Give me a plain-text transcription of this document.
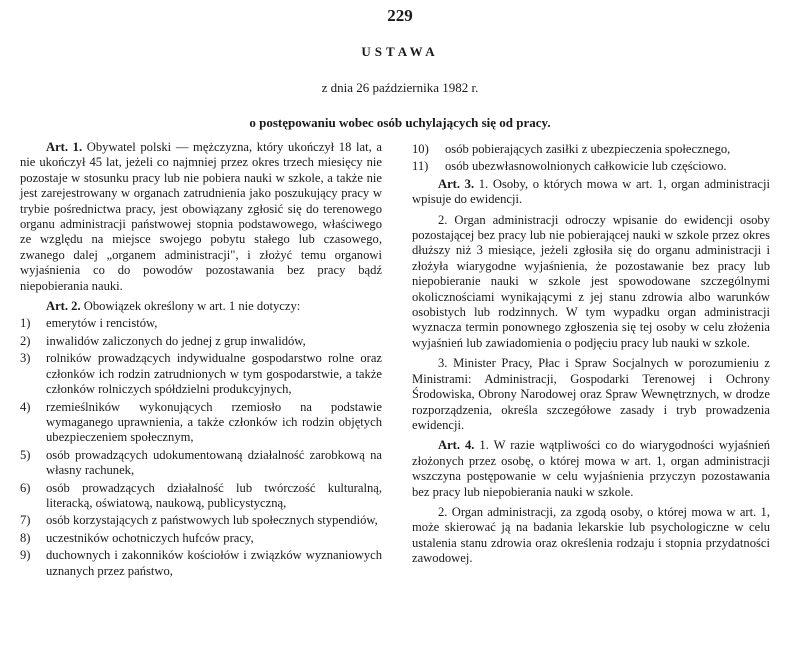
229
USTAWA
z dnia 26 października 1982 r.
o postępowaniu wobec osób uchylających się od pracy.

Art. 1. Obywatel polski — mężczyzna, który ukończył 18 lat, a nie ukończył 45 lat, jeżeli co najmniej przez okres trzech miesięcy nie pozostaje w stosunku pracy lub nie pobiera nauki w szkole, a także nie jest zarejestrowany w organach zatrudnienia jako poszukujący pracy w trybie pośrednictwa pracy, jest obowiązany zgłosić się do terenowego organu administracji państwowej stopnia podstawowego, właściwego ze względu na miejsce swojego pobytu stałego lub czasowego, zwanego dalej „organem administracji", i złożyć temu organowi wyjaśnienia co do powodów pozostawania bez pracy bądź niepobierania nauki.

Art. 2. Obowiązek określony w art. 1 nie dotyczy:

1)	emerytów i rencistów,
2)	inwalidów zaliczonych do jednej z grup inwalidów,
3)	rolników prowadzących indywidualne gospodarstwo rolne oraz członków ich rodzin zatrudnionych w tym gospodarstwie, a także członków rolniczych spółdzielni produkcyjnych,
4)	rzemieślników wykonujących rzemiosło na podstawie wymaganego uprawnienia, a także członków ich rodzin objętych ubezpieczeniem społecznym,
5)	osób prowadzących udokumentowaną działalność zarobkową na własny rachunek,
6)	osób prowadzących działalność lub twórczość kulturalną, literacką, oświatową, naukową, publicystyczną,
7)	osób korzystających z państwowych lub społecznych stypendiów,
8)	uczestników ochotniczych hufców pracy,
9)	duchownych i zakonników kościołów i związków wyznaniowych uznanych przez państwo,
10)	osób pobierających zasiłki z ubezpieczenia społecznego,
11)	osób ubezwłasnowolnionych całkowicie lub częściowo.

Art. 3. 1. Osoby, o których mowa w art. 1, organ administracji wpisuje do ewidencji.

2. Organ administracji odroczy wpisanie do ewidencji osoby pozostającej bez pracy lub nie pobierającej nauki w szkole przez okres dłuższy niż 3 miesiące, jeżeli zgłosiła się do organu administracji i złożyła wiarygodne wyjaśnienia, że pozostawanie bez pracy lub niepobieranie nauki w szkole jest spowodowane szczególnymi okolicznościami wynikającymi z jej stanu zdrowia albo warunków osobistych lub rodzinnych. W tym wypadku organ administracji wyznacza termin ponownego zgłoszenia się tej osoby w celu złożenia wyjaśnień lub zawiadomienia o podjęciu pracy lub nauki w szkole.

3. Minister Pracy, Płac i Spraw Socjalnych w porozumieniu z Ministrami: Administracji, Gospodarki Terenowej i Ochrony Środowiska, Obrony Narodowej oraz Spraw Wewnętrznych, w drodze rozporządzenia, określa szczegółowe zasady i tryb prowadzenia ewidencji.

Art. 4. 1. W razie wątpliwości co do wiarygodności wyjaśnień złożonych przez osobę, o której mowa w art. 1, organ administracji wszczyna postępowanie w celu wyjaśnienia przyczyn pozostawania bez pracy lub niepobierania nauki w szkole.

2. Organ administracji, za zgodą osoby, o której mowa w art. 1, może skierować ją na badania lekarskie lub psychologiczne w celu ustalenia stanu zdrowia oraz określenia rodzaju i stopnia przydatności zawodowej.
